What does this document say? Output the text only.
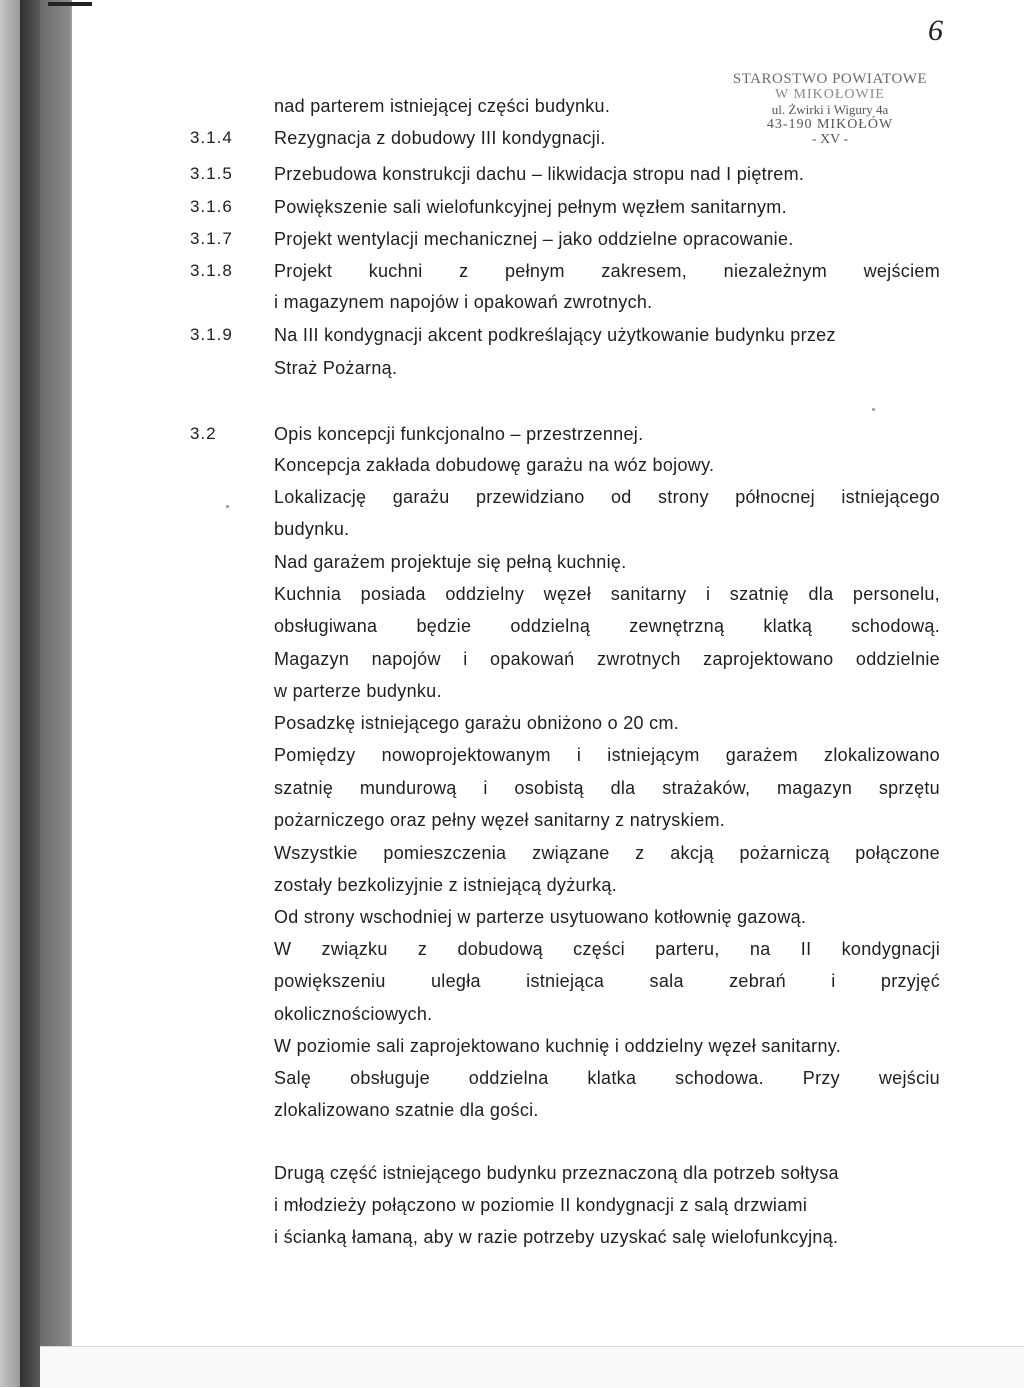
6
STAROSTWO POWIATOWE
W MIKOŁOWIE
ul. Żwirki i Wigury 4a
43-190 MIKOŁÓW
- XV -
nad parterem istniejącej części budynku.
3.1.4	Rezygnacja z dobudowy III kondygnacji.
3.1.5	Przebudowa konstrukcji dachu – likwidacja stropu nad I piętrem.
3.1.6	Powiększenie sali wielofunkcyjnej pełnym węzłem sanitarnym.
3.1.7	Projekt wentylacji mechanicznej – jako oddzielne opracowanie.
3.1.8	Projekt kuchni z pełnym zakresem, niezależnym wejściem
i magazynem napojów i opakowań zwrotnych.
3.1.9	Na III kondygnacji akcent podkreślający użytkowanie budynku przez
Straż Pożarną.
3.2	Opis koncepcji funkcjonalno – przestrzennej.
Koncepcja zakłada dobudowę garażu na wóz bojowy.
Lokalizację garażu przewidziano od strony północnej istniejącego
budynku.
Nad garażem projektuje się pełną kuchnię.
Kuchnia posiada oddzielny węzeł sanitarny i szatnię dla personelu,
obsługiwana będzie oddzielną zewnętrzną klatką schodową.
Magazyn napojów i opakowań zwrotnych zaprojektowano oddzielnie
w parterze budynku.
Posadzkę istniejącego garażu obniżono o 20 cm.
Pomiędzy nowoprojektowanym i istniejącym garażem zlokalizowano
szatnię mundurową i osobistą dla strażaków, magazyn sprzętu
pożarniczego oraz pełny węzeł sanitarny z natryskiem.
Wszystkie pomieszczenia związane z akcją pożarniczą połączone
zostały bezkolizyjnie z istniejącą dyżurką.
Od strony wschodniej w parterze usytuowano kotłownię gazową.
W związku z dobudową części parteru, na II kondygnacji
powiększeniu uległa istniejąca sala zebrań i przyjęć
okolicznościowych.
W poziomie sali zaprojektowano kuchnię i oddzielny węzeł sanitarny.
Salę obsługuje oddzielna klatka schodowa. Przy wejściu
zlokalizowano szatnie dla gości.
Drugą część istniejącego budynku przeznaczoną dla potrzeb sołtysa
i młodzieży połączono w poziomie II kondygnacji z salą drzwiami
i ścianką łamaną, aby w razie potrzeby uzyskać salę wielofunkcyjną.
